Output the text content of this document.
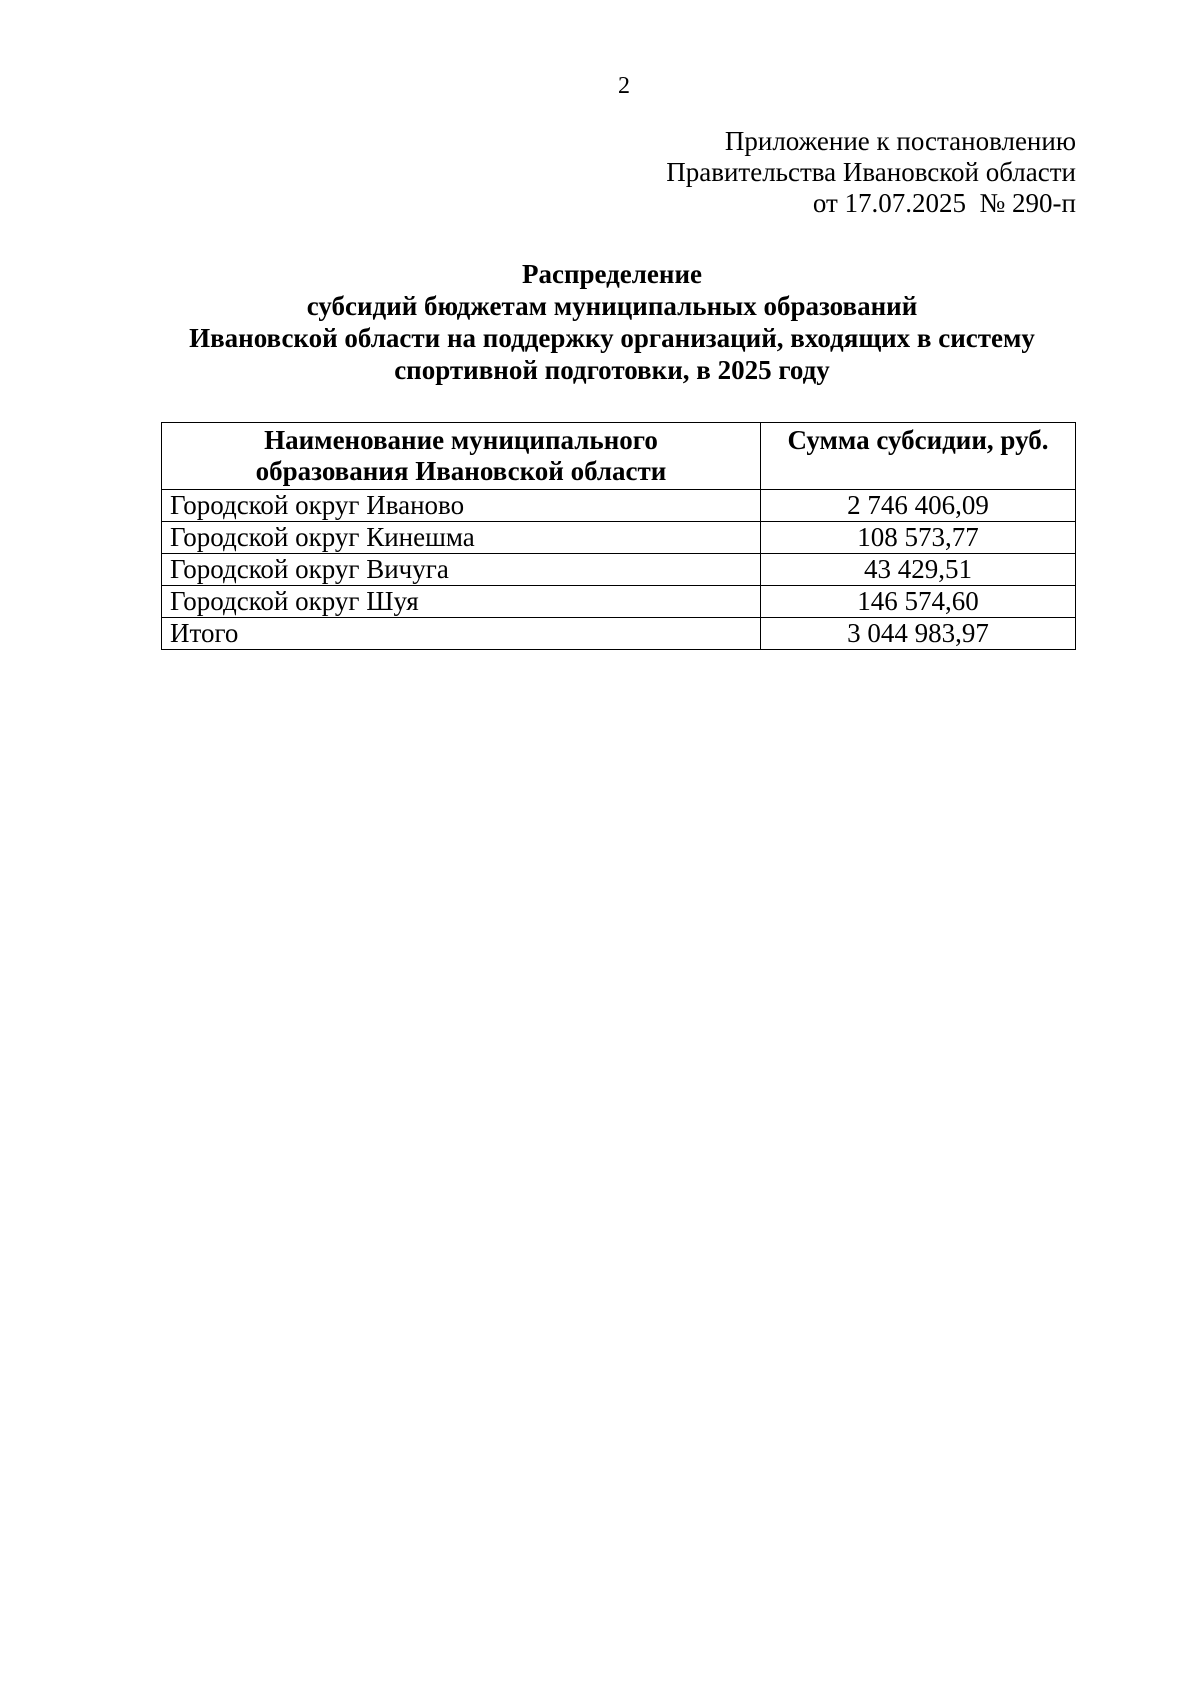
2
Приложение к постановлению
Правительства Ивановской области
от 17.07.2025  № 290-п
Распределение
субсидий бюджетам муниципальных образований
Ивановской области на поддержку организаций, входящих в систему
спортивной подготовки, в 2025 году
Наименование муниципального
образования Ивановской области	Сумма субсидии, руб.
Городской округ Иваново	2 746 406,09
Городской округ Кинешма	108 573,77
Городской округ Вичуга	43 429,51
Городской округ Шуя	146 574,60
Итого	3 044 983,97
